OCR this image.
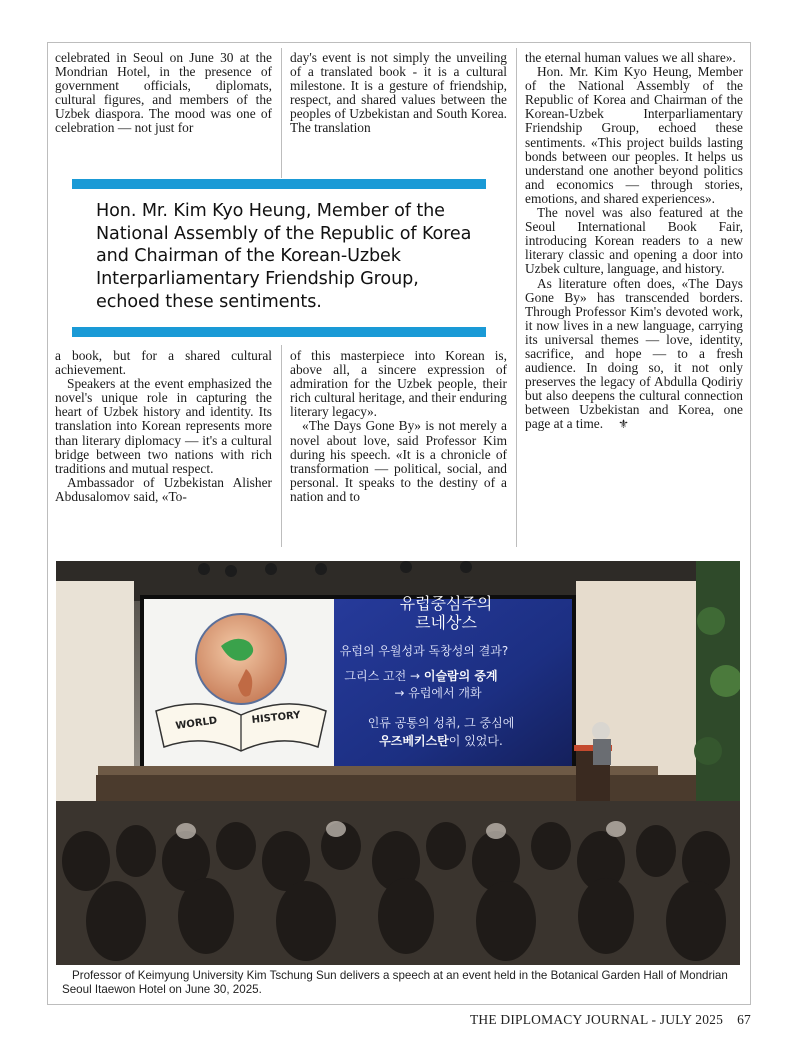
celebrated in Seoul on June 30 at the Mondrian Hotel, in the presence of government officials, diplomats, cultural figures, and members of the Uzbek diaspora. The mood was one of celebration — not just for

day's event is not simply the unveiling of a translated book - it is a cultural milestone. It is a gesture of friendship, respect, and shared values between the peoples of Uzbekistan and South Korea. The translation

Hon. Mr. Kim Kyo Heung, Member of the National Assembly of the Republic of Korea and Chairman of the Korean-Uzbek Interparliamentary Friendship Group, echoed these sentiments.

a book, but for a shared cultural achievement.

Speakers at the event emphasized the novel's unique role in capturing the heart of Uzbek history and identity. Its translation into Korean represents more than literary diplomacy — it's a cultural bridge between two nations with rich traditions and mutual respect.

Ambassador of Uzbekistan Alisher Abdusalomov said, «To-

of this masterpiece into Korean is, above all, a sincere expression of admiration for the Uzbek people, their rich cultural heritage, and their enduring literary legacy».

«The Days Gone By» is not merely a novel about love, said Professor Kim during his speech. «It is a chronicle of transformation — political, social, and personal. It speaks to the destiny of a nation and to

the eternal human values we all share».

Hon. Mr. Kim Kyo Heung, Member of the National Assembly of the Republic of Korea and Chairman of the Korean-Uzbek Interparliamentary Friendship Group, echoed these sentiments. «This project builds lasting bonds between our peoples. It helps us understand one another beyond politics and economics — through stories, emotions, and shared experiences».

The novel was also featured at the Seoul International Book Fair, introducing Korean readers to a new literary classic and opening a door into Uzbek culture, language, and history.

As literature often does, «The Days Gone By» has transcended borders. Through Professor Kim's devoted work, it now lives in a new language, carrying its universal themes — love, identity, sacrifice, and hope — to a fresh audience. In doing so, it not only preserves the legacy of Abdulla Qodiriy but also deepens the cultural connection between Uzbekistan and Korea, one page at a time. ⚜

WORLD	HISTORY
유럽중심주의
르네상스
유럽의 우월성과 독창성의 결과?
그리스 고전 → 이슬람의 중계
→ 유럽에서 개화
인류 공통의 성취, 그 중심에
우즈베키스탄이 있었다.
Professor of Keimyung University Kim Tschung Sun delivers a speech at an event held in the Botanical Garden Hall of Mondrian Seoul Itaewon Hotel on June 30, 2025.
THE DIPLOMACY JOURNAL - JULY 2025 67
